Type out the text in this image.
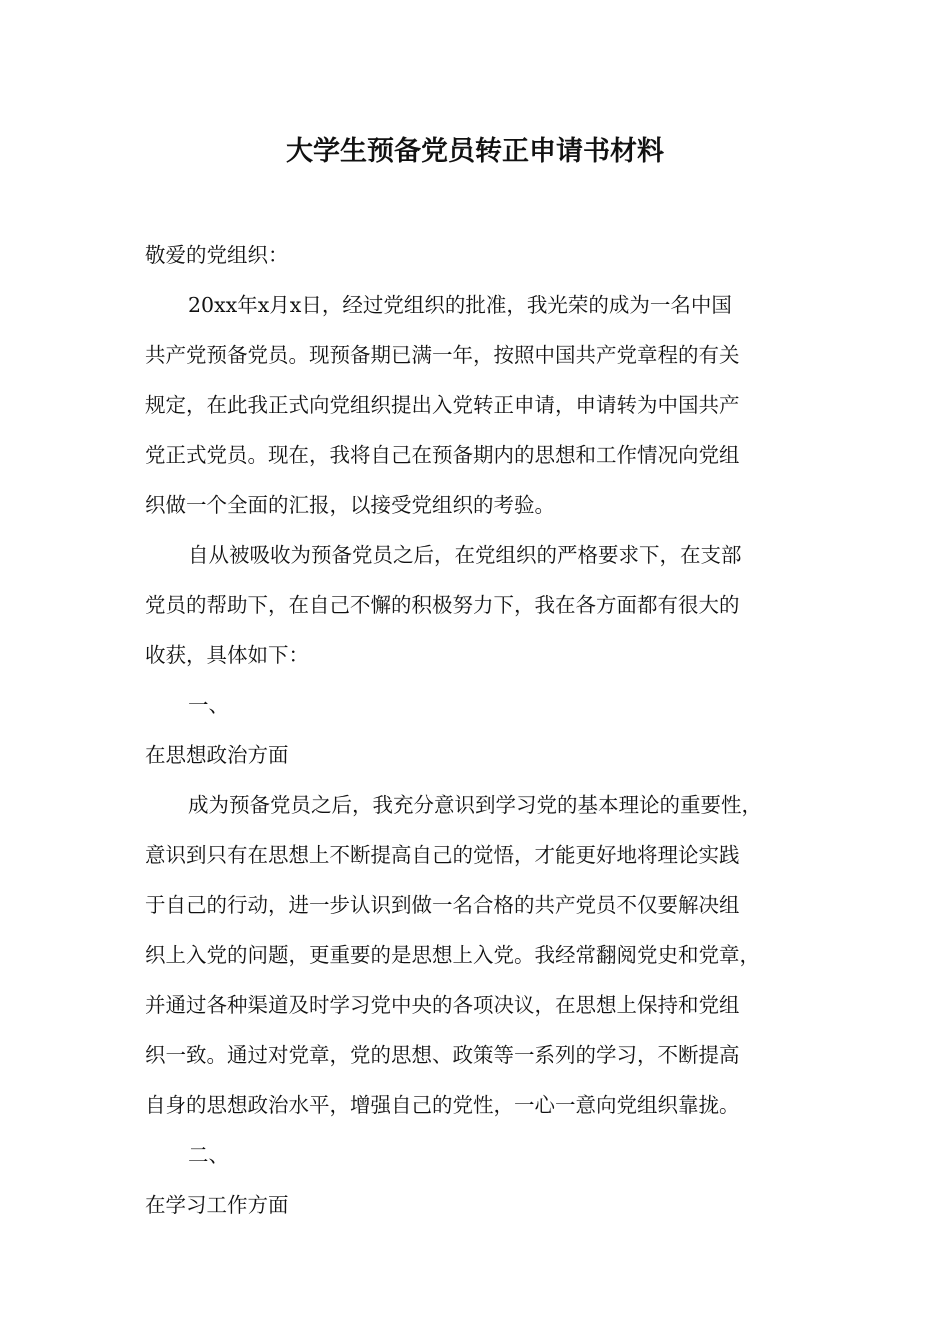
大学生预备党员转正申请书材料
敬爱的党组织：
20xx年x月x日，经过党组织的批准，我光荣的成为一名中国
共产党预备党员。现预备期已满一年，按照中国共产党章程的有关
规定，在此我正式向党组织提出入党转正申请，申请转为中国共产
党正式党员。现在，我将自己在预备期内的思想和工作情况向党组
织做一个全面的汇报，以接受党组织的考验。
自从被吸收为预备党员之后，在党组织的严格要求下，在支部
党员的帮助下，在自己不懈的积极努力下，我在各方面都有很大的
收获，具体如下：
一、
在思想政治方面
成为预备党员之后，我充分意识到学习党的基本理论的重要性，
意识到只有在思想上不断提高自己的觉悟，才能更好地将理论实践
于自己的行动，进一步认识到做一名合格的共产党员不仅要解决组
织上入党的问题，更重要的是思想上入党。我经常翻阅党史和党章，
并通过各种渠道及时学习党中央的各项决议，在思想上保持和党组
织一致。通过对党章，党的思想、政策等一系列的学习，不断提高
自身的思想政治水平，增强自己的党性，一心一意向党组织靠拢。
二、
在学习工作方面
